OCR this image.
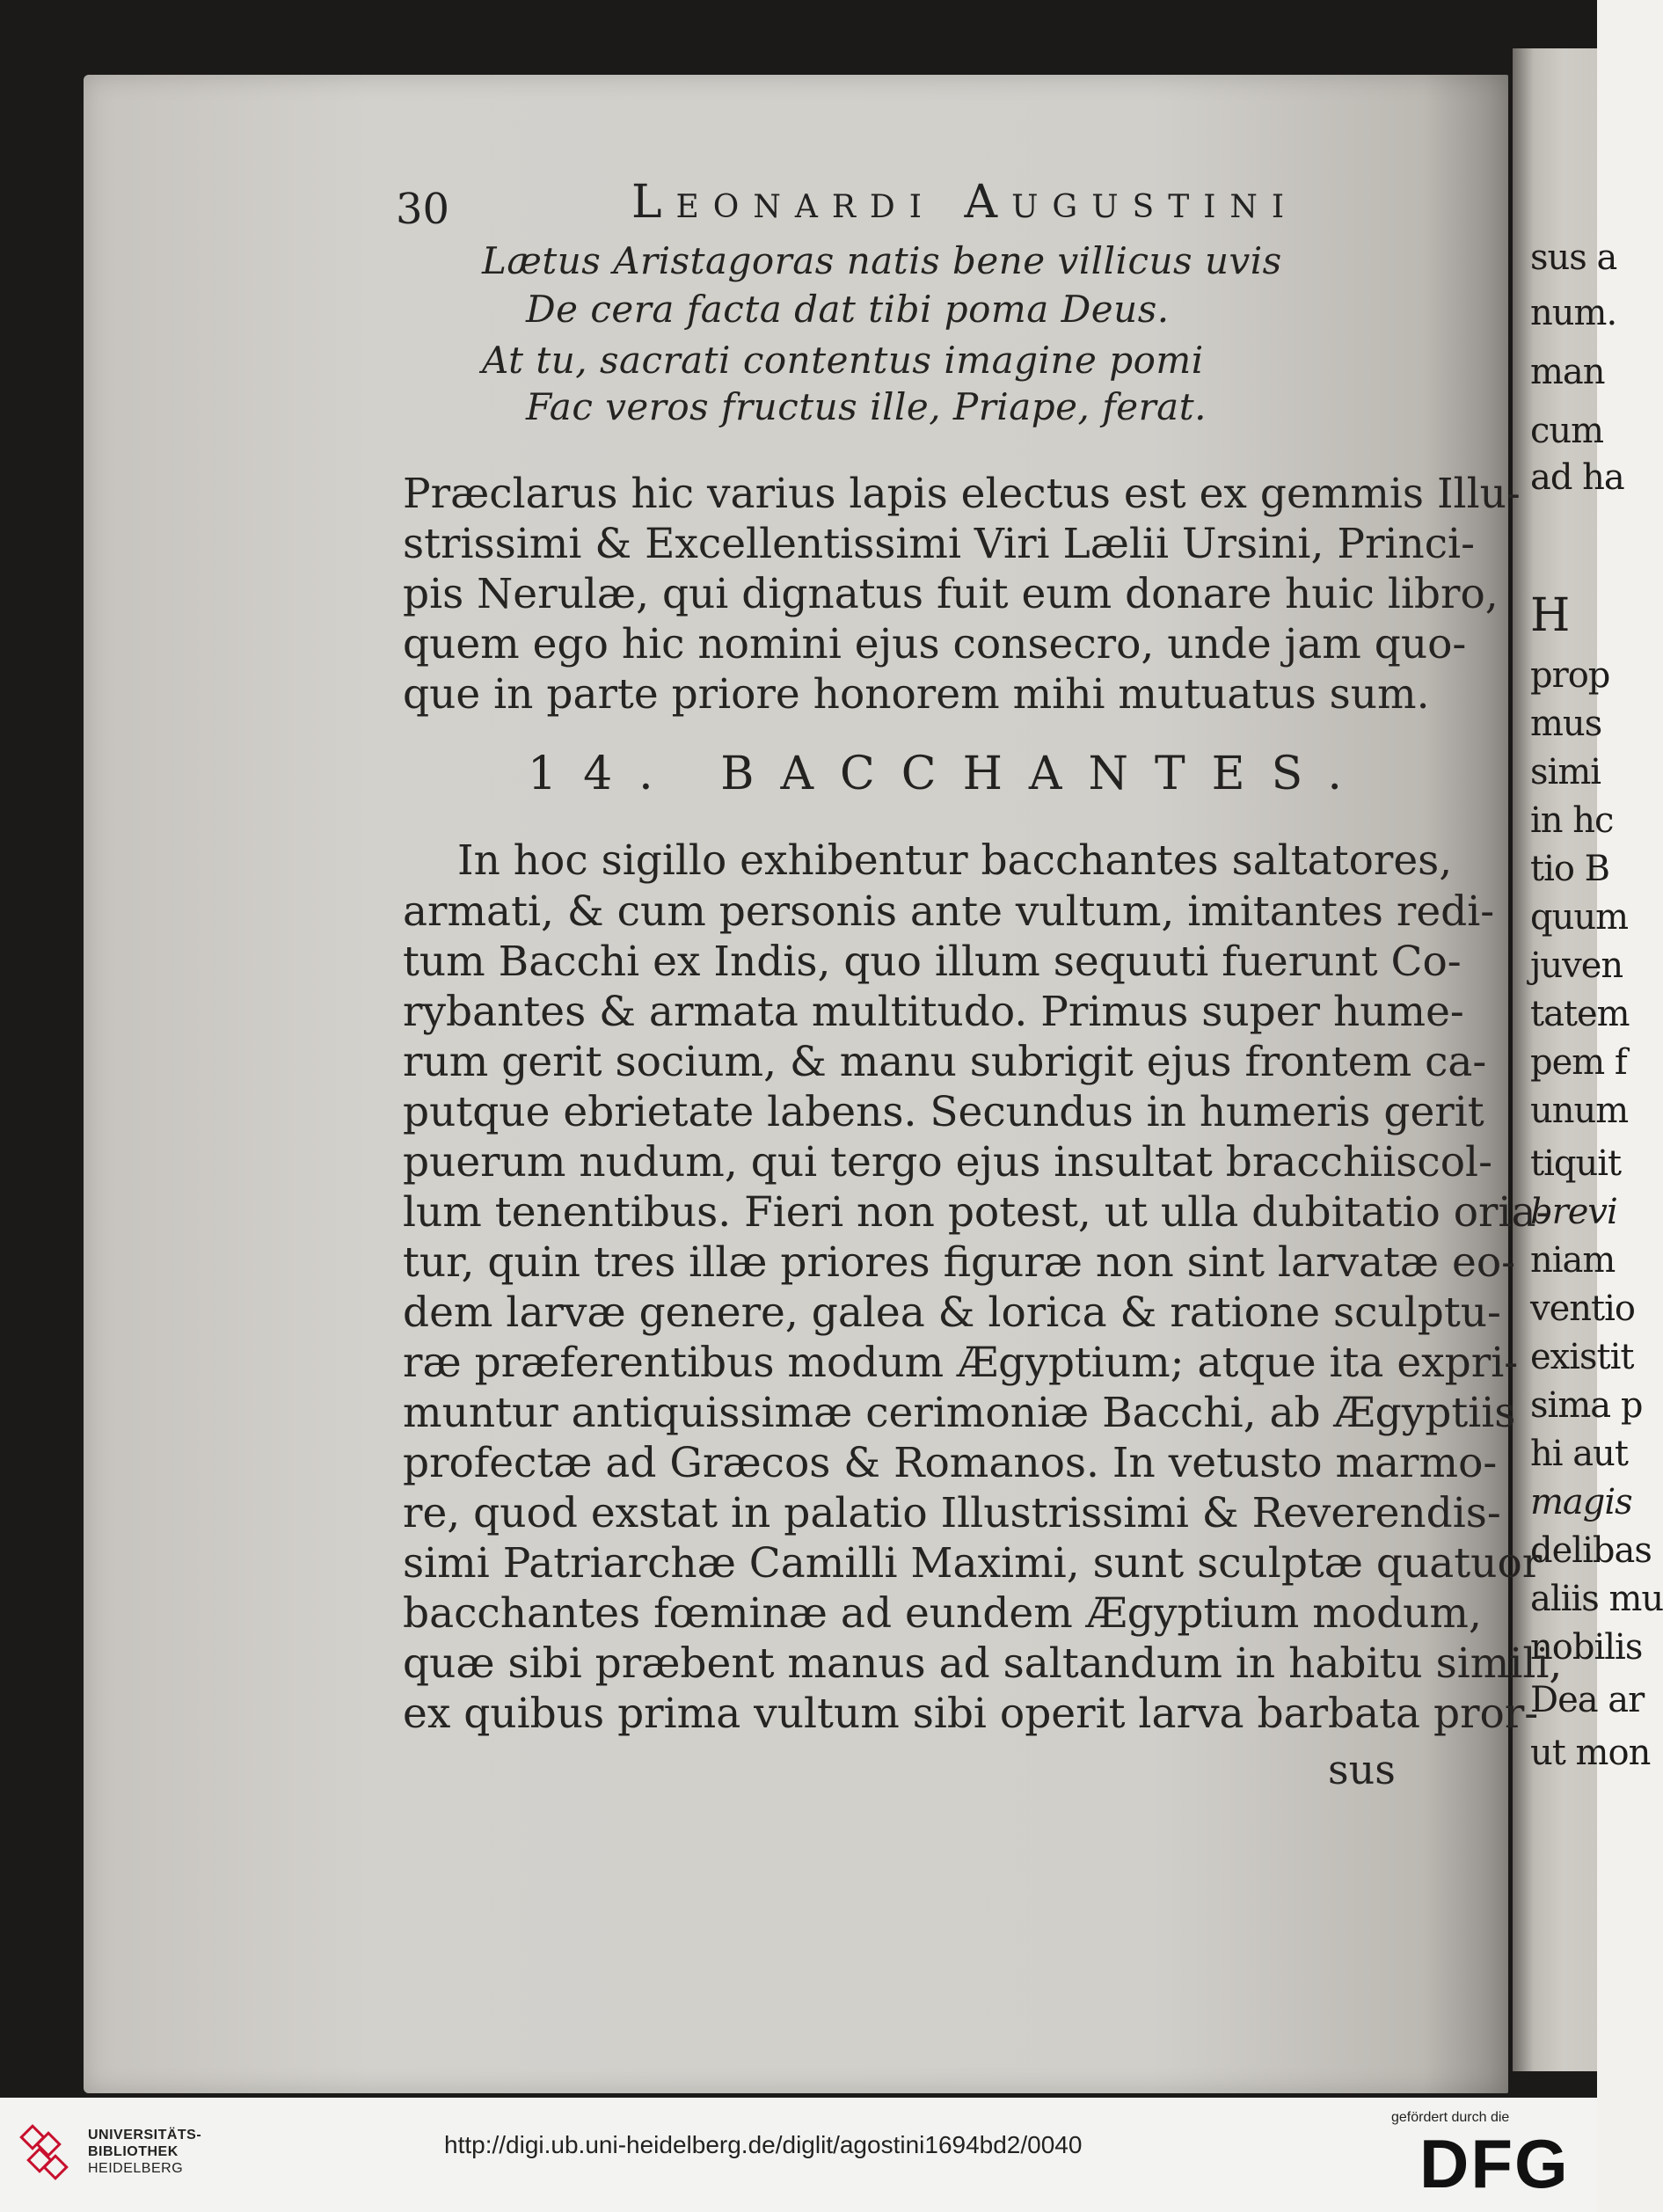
sus a
num.
man
cum
ad ha
H
prop
mus
simi
in hc
tio B
quum
juven
tatem
pem f
unum
tiquit
brevi
niam
ventio
existit
sima p
hi aut
magis
delibas
aliis mu
nobilis
Dea ar
ut mon
30	Leonardi Augustini
Lætus Aristagoras natis bene villicus uvis
De cera facta dat tibi poma Deus.
At tu, sacrati contentus imagine pomi
Fac veros fructus ille, Priape, ferat.
Præclarus hic varius lapis electus est ex gemmis Illu-
strissimi & Excellentissimi Viri Lælii Ursini, Princi-
pis Nerulæ, qui dignatus fuit eum donare huic libro,
quem ego hic nomini ejus consecro, unde jam quo-
que in parte priore honorem mihi mutuatus sum.
14. BACCHANTES.
In hoc sigillo exhibentur bacchantes saltatores,
armati, & cum personis ante vultum, imitantes redi-
tum Bacchi ex Indis, quo illum sequuti fuerunt Co-
rybantes & armata multitudo. Primus super hume-
rum gerit socium, & manu subrigit ejus frontem ca-
putque ebrietate labens. Secundus in humeris gerit
puerum nudum, qui tergo ejus insultat bracchiiscol-
lum tenentibus. Fieri non potest, ut ulla dubitatio oria-
tur, quin tres illæ priores figuræ non sint larvatæ eo-
dem larvæ genere, galea & lorica & ratione sculptu-
ræ præferentibus modum Ægyptium; atque ita expri-
muntur antiquissimæ cerimoniæ Bacchi, ab Ægyptiis
profectæ ad Græcos & Romanos. In vetusto marmo-
re, quod exstat in palatio Illustrissimi & Reverendis-
simi Patriarchæ Camilli Maximi, sunt sculptæ quatuor
bacchantes fœminæ ad eundem Ægyptium modum,
quæ sibi præbent manus ad saltandum in habitu simili,
ex quibus prima vultum sibi operit larva barbata pror-
sus
UNIVERSITÄTS-
BIBLIOTHEK
HEIDELBERG
http://digi.ub.uni-heidelberg.de/diglit/agostini1694bd2/0040
gefördert durch die
DFG
